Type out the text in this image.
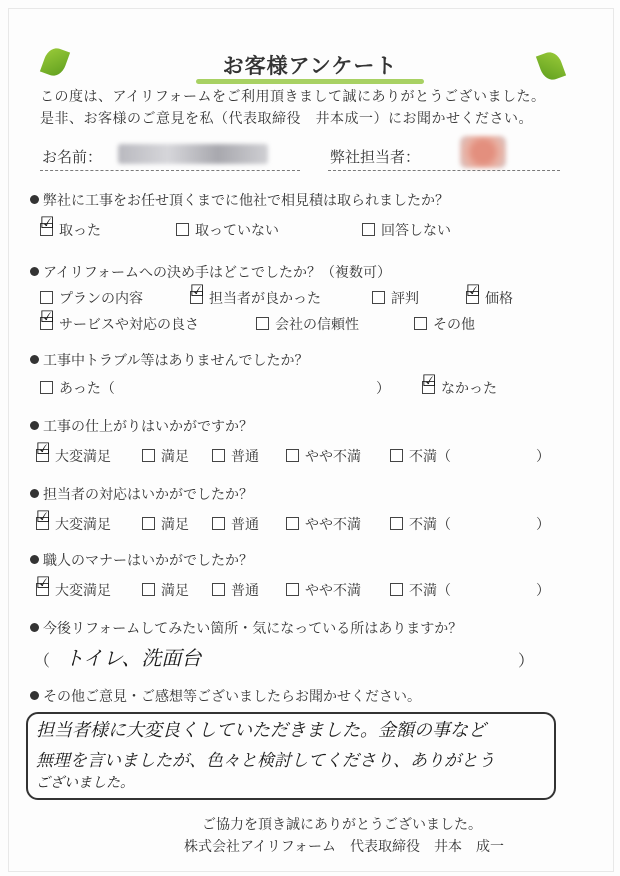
お客様アンケート
この度は、アイリフォームをご利用頂きまして誠にありがとうございました。
是非、お客様のご意見を私（代表取締役　井本成一）にお聞かせください。
お名前：	弊社担当者：
弊社に工事をお任せ頂くまでに他社で相見積は取られましたか？
☑ 取った	取っていない	回答しない
アイリフォームへの決め手はどこでしたか？（複数可）
プランの内容	☑ 担当者が良かった	評判	☑ 価格
☑ サービスや対応の良さ	会社の信頼性	その他
工事中トラブル等はありませんでしたか？
あった（	） ☑ なかった
工事の仕上がりはいかがですか？
☑ 大変満足	満足	普通	やや不満	不満（	）
担当者の対応はいかがでしたか？
☑ 大変満足	満足	普通	やや不満	不満（	）
職人のマナーはいかがでしたか？
☑ 大変満足	満足	普通	やや不満	不満（	）
今後リフォームしてみたい箇所・気になっている所はありますか？
（ トイレ、洗面台	）
その他ご意見・ご感想等ございましたらお聞かせください。
担当者様に大変良くしていただきました。金額の事など
無理を言いましたが、色々と検討してくださり、ありがとう
ございました。
ご協力を頂き誠にありがとうございました。
株式会社アイリフォーム　代表取締役　井本　成一
